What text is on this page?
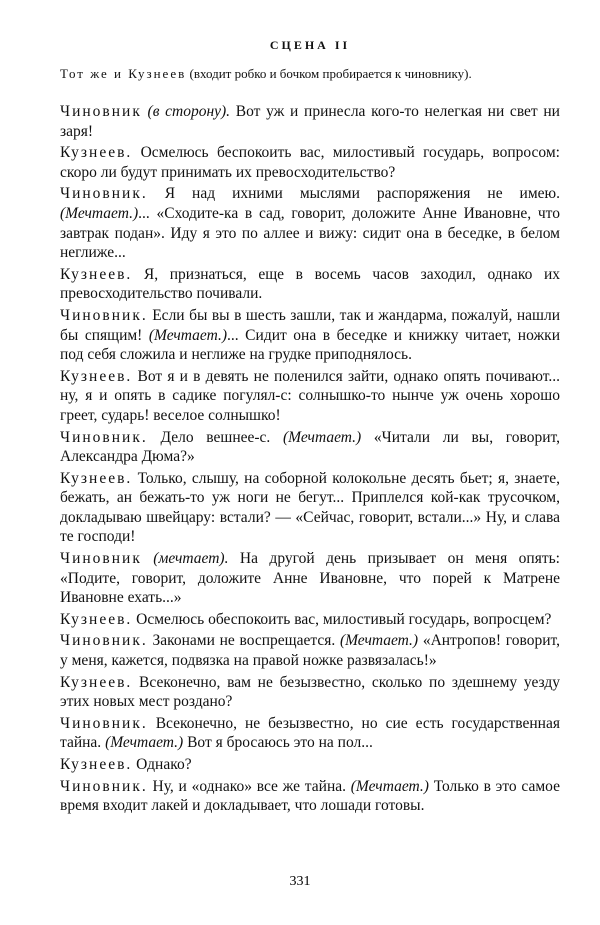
СЦЕНА II

Тот же и Кузнеев (входит робко и бочком пробирается к чиновнику).

Чиновник (в сторону). Вот уж и принесла кого-то нелегкая ни свет ни заря!

Кузнеев. Осмелюсь беспокоить вас, милостивый государь, вопросом: скоро ли будут принимать их превосходительство?

Чиновник. Я над ихними мыслями распоряжения не имею. (Мечтает.)... «Сходите-ка в сад, говорит, доложите Анне Ивановне, что завтрак подан». Иду я это по аллее и вижу: сидит она в беседке, в белом неглиже...

Кузнеев. Я, признаться, еще в восемь часов заходил, однако их превосходительство почивали.

Чиновник. Если бы вы в шесть зашли, так и жандарма, пожалуй, нашли бы спящим! (Мечтает.)... Сидит она в беседке и книжку читает, ножки под себя сложила и неглиже на грудке приподнялось.

Кузнеев. Вот я и в девять не поленился зайти, однако опять почивают... ну, я и опять в садике погулял-с: солнышко-то нынче уж очень хорошо греет, сударь! веселое солнышко!

Чиновник. Дело вешнее-с. (Мечтает.) «Читали ли вы, говорит, Александра Дюма?»

Кузнеев. Только, слышу, на соборной колокольне десять бьет; я, знаете, бежать, ан бежать-то уж ноги не бегут... Приплелся кой-как трусочком, докладываю швейцару: встали? — «Сейчас, говорит, встали...» Ну, и слава те господи!

Чиновник (мечтает). На другой день призывает он меня опять: «Подите, говорит, доложите Анне Ивановне, что порей к Матрене Ивановне ехать...»

Кузнеев. Осмелюсь обеспокоить вас, милостивый государь, вопросцем?

Чиновник. Законами не воспрещается. (Мечтает.) «Антропов! говорит, у меня, кажется, подвязка на правой ножке развязалась!»

Кузнеев. Всеконечно, вам не безызвестно, сколько по здешнему уезду этих новых мест роздано?

Чиновник. Всеконечно, не безызвестно, но сие есть государственная тайна. (Мечтает.) Вот я бросаюсь это на пол...

Кузнеев. Однако?

Чиновник. Ну, и «однако» все же тайна. (Мечтает.) Только в это самое время входит лакей и докладывает, что лошади готовы.

331
